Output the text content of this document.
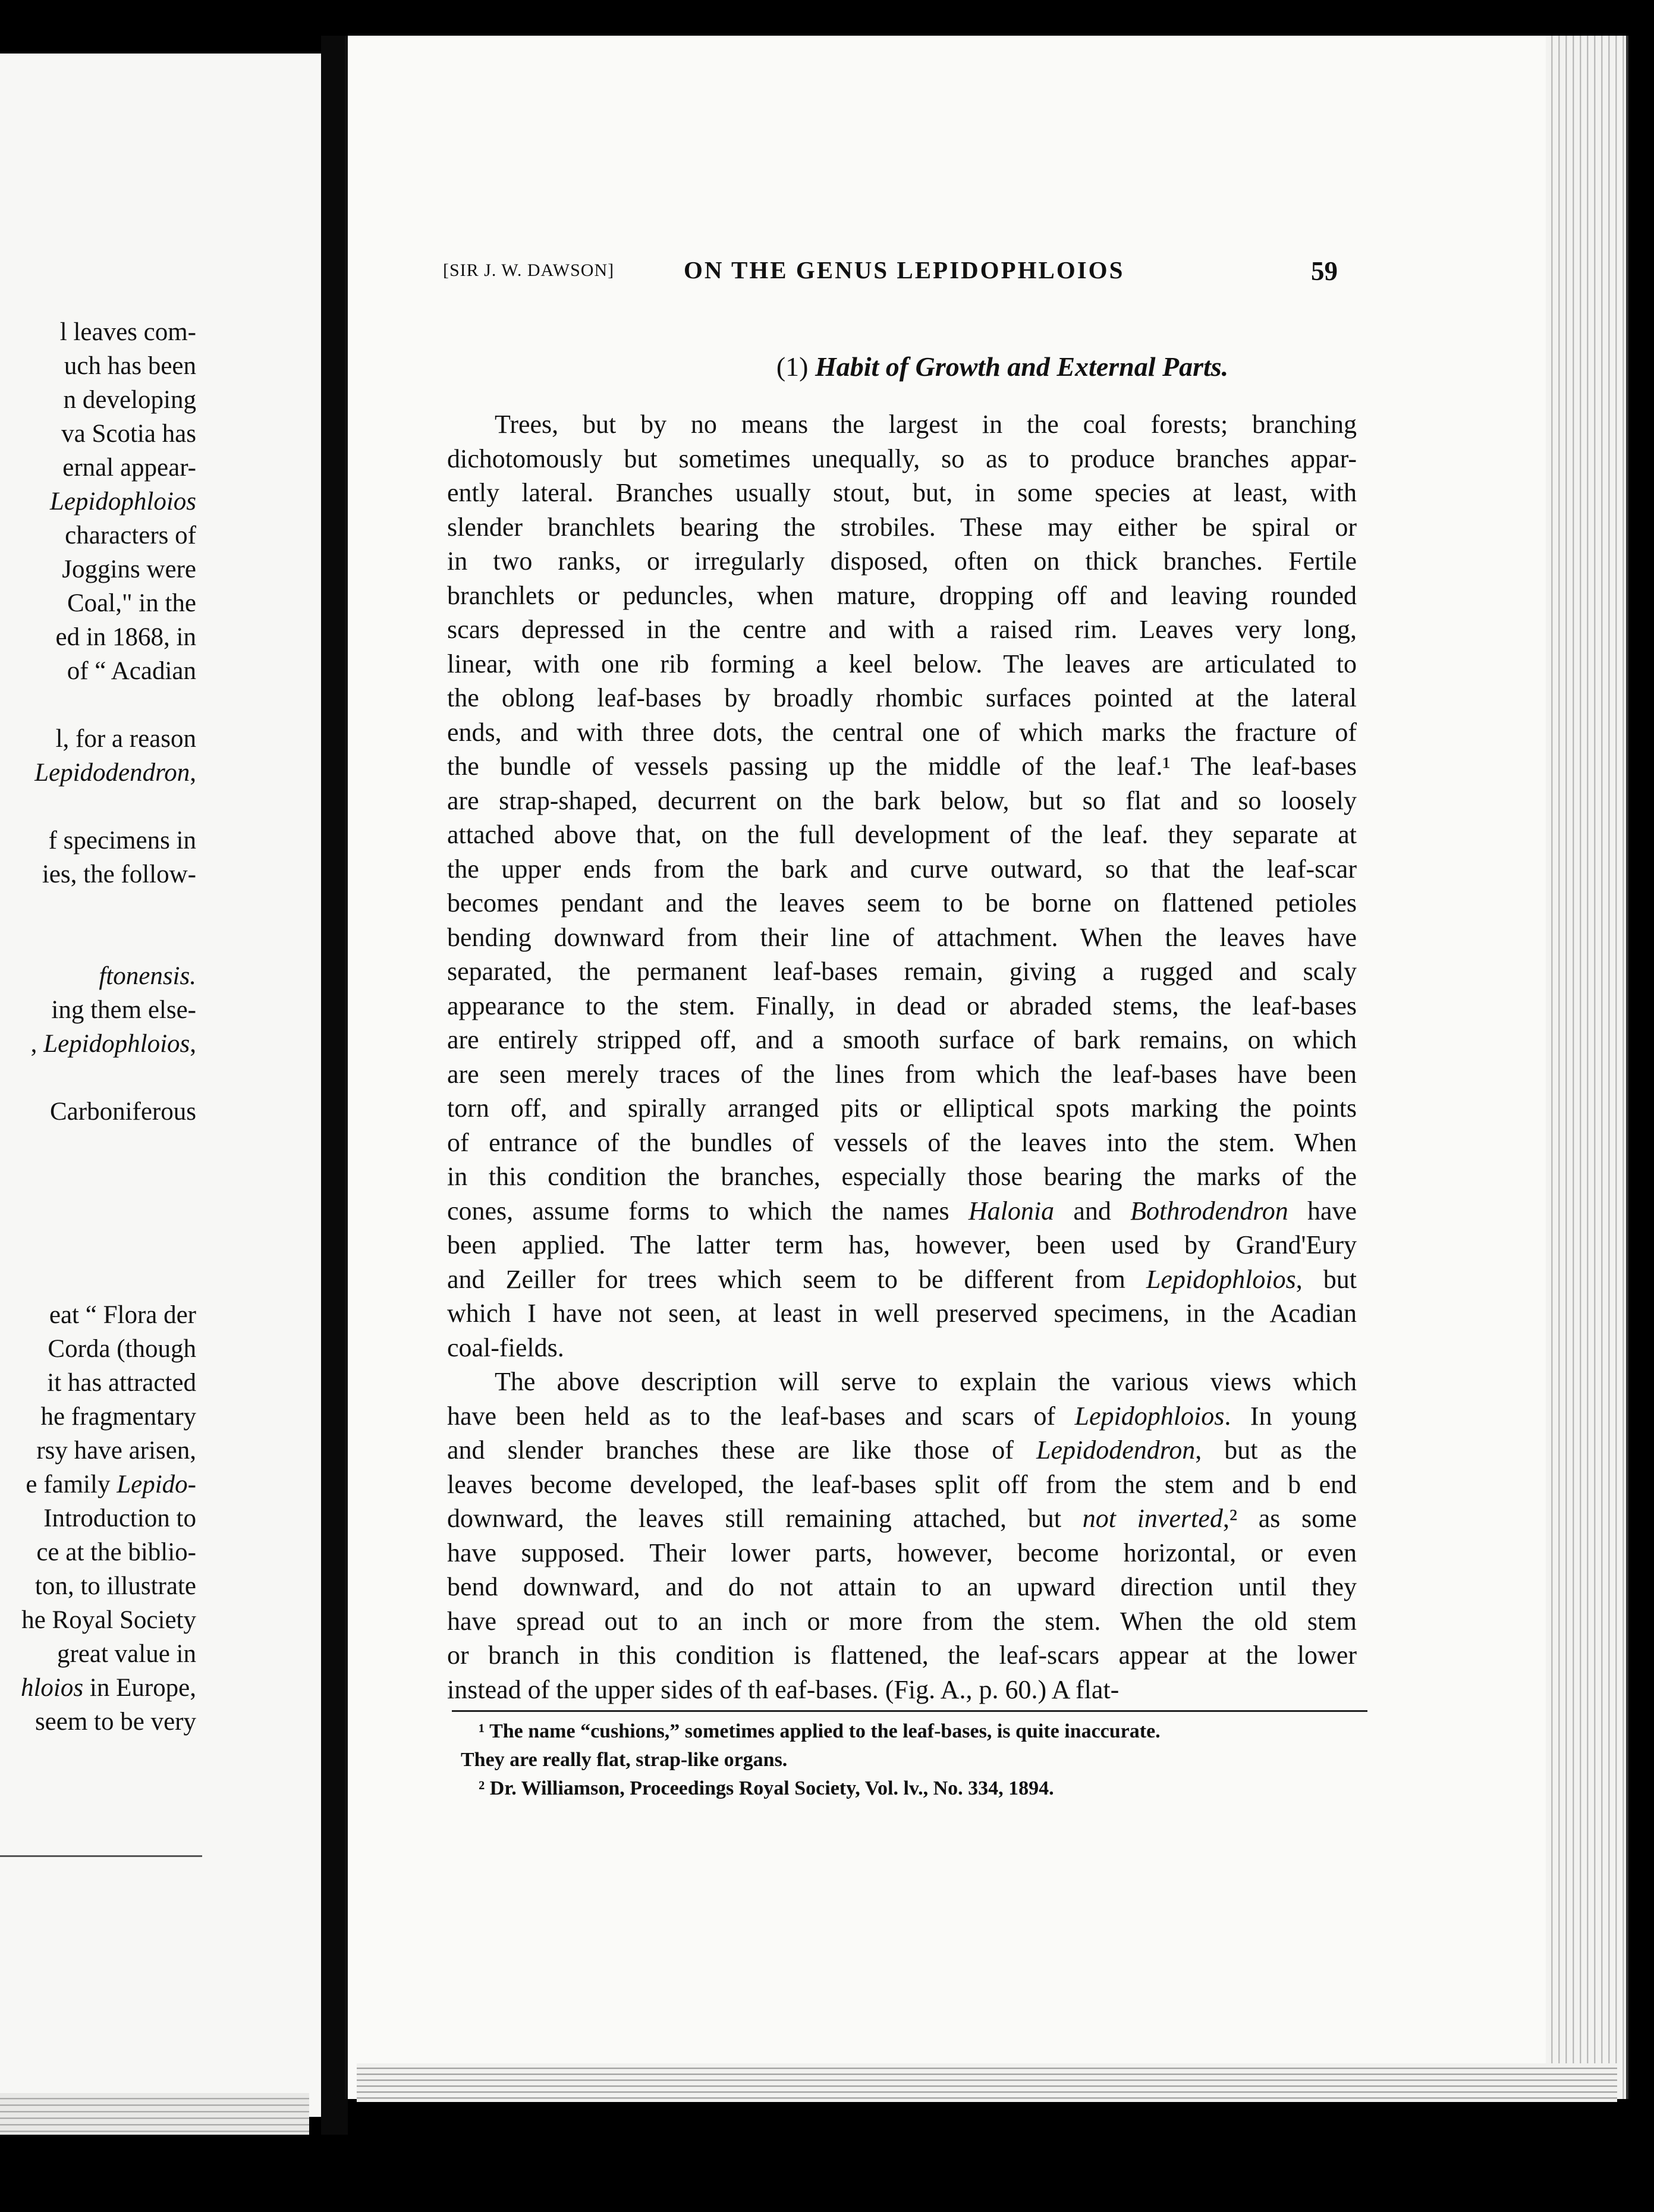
l leaves com-
uch has been
n developing
va Scotia has
ernal appear-
Lepidophloios
characters of
Joggins were
Coal," in the
ed in 1868, in
of “ Acadian
l, for a reason
Lepidodendron,
f specimens in
ies, the follow-
ftonensis.
ing them else-
, Lepidophloios,
Carboniferous
eat “ Flora der
Corda (though
it has attracted
he fragmentary
rsy have arisen,
e family Lepido-
Introduction to
ce at the biblio-
ton, to illustrate
he Royal Society
great value in
hloios in Europe,
seem to be very
[SIR J. W. DAWSON]	ON THE GENUS LEPIDOPHLOIOS	59
(1) Habit of Growth and External Parts.
Trees, but by no means the largest in the coal forests; branching
dichotomously but sometimes unequally, so as to produce branches appar-
ently lateral. Branches usually stout, but, in some species at least, with
slender branchlets bearing the strobiles. These may either be spiral or
in two ranks, or irregularly disposed, often on thick branches. Fertile
branchlets or peduncles, when mature, dropping off and leaving rounded
scars depressed in the centre and with a raised rim. Leaves very long,
linear, with one rib forming a keel below. The leaves are articulated to
the oblong leaf-bases by broadly rhombic surfaces pointed at the lateral
ends, and with three dots, the central one of which marks the fracture of
the bundle of vessels passing up the middle of the leaf.¹ The leaf-bases
are strap-shaped, decurrent on the bark below, but so flat and so loosely
attached above that, on the full development of the leaf. they separate at
the upper ends from the bark and curve outward, so that the leaf-scar
becomes pendant and the leaves seem to be borne on flattened petioles
bending downward from their line of attachment. When the leaves have
separated, the permanent leaf-bases remain, giving a rugged and scaly
appearance to the stem. Finally, in dead or abraded stems, the leaf-bases
are entirely stripped off, and a smooth surface of bark remains, on which
are seen merely traces of the lines from which the leaf-bases have been
torn off, and spirally arranged pits or elliptical spots marking the points
of entrance of the bundles of vessels of the leaves into the stem. When
in this condition the branches, especially those bearing the marks of the
cones, assume forms to which the names Halonia and Bothrodendron have
been applied. The latter term has, however, been used by Grand'Eury
and Zeiller for trees which seem to be different from Lepidophloios, but
which I have not seen, at least in well preserved specimens, in the Acadian
coal-fields.
The above description will serve to explain the various views which
have been held as to the leaf-bases and scars of Lepidophloios. In young
and slender branches these are like those of Lepidodendron, but as the
leaves become developed, the leaf-bases split off from the stem and b end
downward, the leaves still remaining attached, but not inverted,² as some
have supposed. Their lower parts, however, become horizontal, or even
bend downward, and do not attain to an upward direction until they
have spread out to an inch or more from the stem. When the old stem
or branch in this condition is flattened, the leaf-scars appear at the lower
instead of the upper sides of th eaf-bases. (Fig. A., p. 60.) A flat-
¹ The name “cushions,” sometimes applied to the leaf-bases, is quite inaccurate.
They are really flat, strap-like organs.
² Dr. Williamson, Proceedings Royal Society, Vol. lv., No. 334, 1894.
